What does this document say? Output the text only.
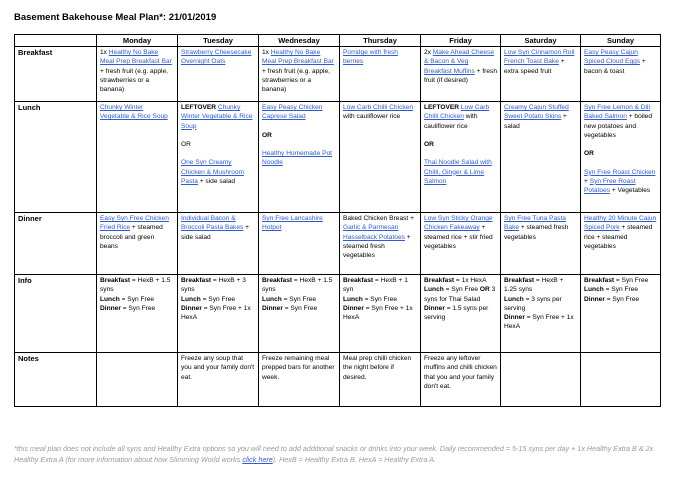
Basement Bakehouse Meal Plan*: 21/01/2019
	Monday	Tuesday	Wednesday	Thursday	Friday	Saturday	Sunday
Breakfast	1x Healthy No Bake Meal Prep Breakfast Bar + fresh fruit (e.g. apple, strawberries or a banana)	Strawberry Cheesecake Overnight Oats	1x Healthy No Bake Meal Prep Breakfast Bar + fresh fruit (e.g. apple, strawberries or a banana)	Porridge with fresh berries	2x Make Ahead Cheese & Bacon & Veg Breakfast Muffins + fresh fruit (if desired)	Low Syn Cinnamon Roll French Toast Bake + extra speed fruit	Easy Peasy Cajun Spiced Cloud Eggs + bacon & toast
Lunch	Chunky Winter Vegetable & Rice Soup	LEFTOVER Chunky Winter Vegetable & Rice Soup

OR

One Syn Creamy Chicken & Mushroom Pasta + side salad	Easy Peasy Chicken Caprese Salad

OR

Healthy Homemade Pot Noodle	Low Carb Chilli Chicken with cauliflower rice	LEFTOVER Low Carb Chilli Chicken with cauliflower rice

OR

Thai Noodle Salad with Chilli, Ginger & Lime Salmon	Creamy Cajun Stuffed Sweet Potato Skins + salad	Syn Free Lemon & Dill Baked Salmon + boiled new potatoes and vegetables

OR

Syn Free Roast Chicken + Syn Free Roast Potatoes + Vegetables
Dinner	Easy Syn Free Chicken Fried Rice + steamed broccoli and green beans	Individual Bacon & Broccoli Pasta Bakes + side salad	Syn Free Lancashire Hotpot	Baked Chicken Breast + Garlic & Parmesan Hasselback Potatoes + steamed fresh vegetables	Low Syn Sticky Orange Chicken Fakeaway + steamed rice + stir fried vegetables	Syn Free Tuna Pasta Bake + steamed fresh vegetables	Healthy 20 Minute Cajun Spiced Pork + steamed rice + steamed vegetables
Info	Breakfast = HexB + 1.5 syns
Lunch = Syn Free
Dinner = Syn Free	Breakfast = HexB + 3 syns
Lunch = Syn Free
Dinner = Syn Free + 1x HexA	Breakfast = HexB + 1.5 syns
Lunch = Syn Free
Dinner = Syn Free	Breakfast = HexB + 1 syn
Lunch = Syn Free
Dinner = Syn Free + 1x HexA	Breakfast = 1x HexA
Lunch = Syn Free OR 3 syns for Thai Salad
Dinner = 1.5 syns per serving	Breakfast = HexB + 1.25 syns
Lunch = 3 syns per serving
Dinner = Syn Free + 1x HexA	Breakfast = Syn Free
Lunch = Syn Free
Dinner = Syn Free
Notes		Freeze any soup that you and your family don't eat.	Freeze remaining meal prepped bars for another week.	Meal prep chilli chicken the night before if desired.	Freeze any leftover muffins and chilli chicken that you and your family don't eat.		
*this meal plan does not include all syns and Healthy Extra options so you will need to add additional snacks or drinks into your week. Daily recommended = 5-15 syns per day + 1x Healthy Extra B & 2x Healthy Extra A (for more information about how Slimming World works click here). HexB = Healthy Extra B. HexA = Healthy Extra A.
